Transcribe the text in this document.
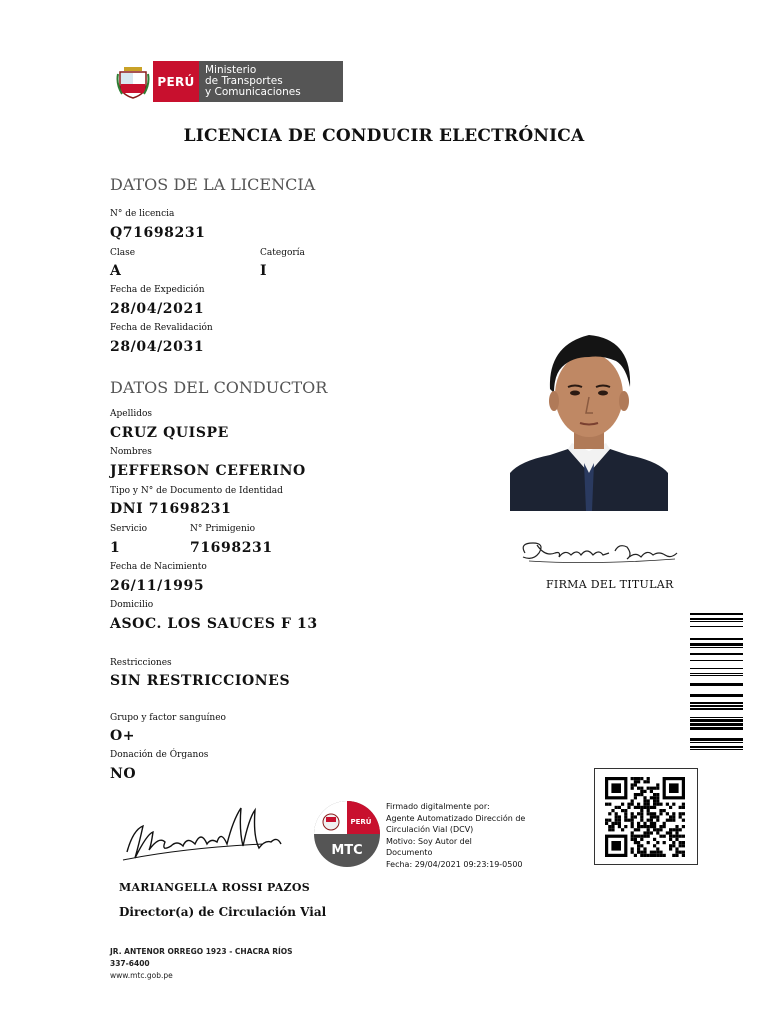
PERÚ
Ministerio
de Transportes
y Comunicaciones
LICENCIA DE CONDUCIR ELECTRÓNICA
DATOS DE LA LICENCIA
N° de licencia
Q71698231
Clase
A
Categoría
I
Fecha de Expedición
28/04/2021
Fecha de Revalidación
28/04/2031
DATOS DEL CONDUCTOR
Apellidos
CRUZ QUISPE
Nombres
JEFFERSON CEFERINO
Tipo y N° de Documento de Identidad
DNI 71698231
Servicio
1
N° Primigenio
71698231
Fecha de Nacimiento
26/11/1995
Domicilio
ASOC. LOS SAUCES F 13
Restricciones
SIN RESTRICCIONES
Grupo y factor sanguíneo
O+
Donación de Órganos
NO
FIRMA DEL TITULAR
PERÚ
MTC
Firmado digitalmente por:
Agente Automatizado Dirección de
Circulación Vial (DCV)
Motivo: Soy Autor del
Documento
Fecha: 29/04/2021 09:23:19-0500
MARIANGELLA ROSSI PAZOS
Director(a) de Circulación Vial
JR. ANTENOR ORREGO 1923 - CHACRA RÍOS
337-6400
www.mtc.gob.pe
